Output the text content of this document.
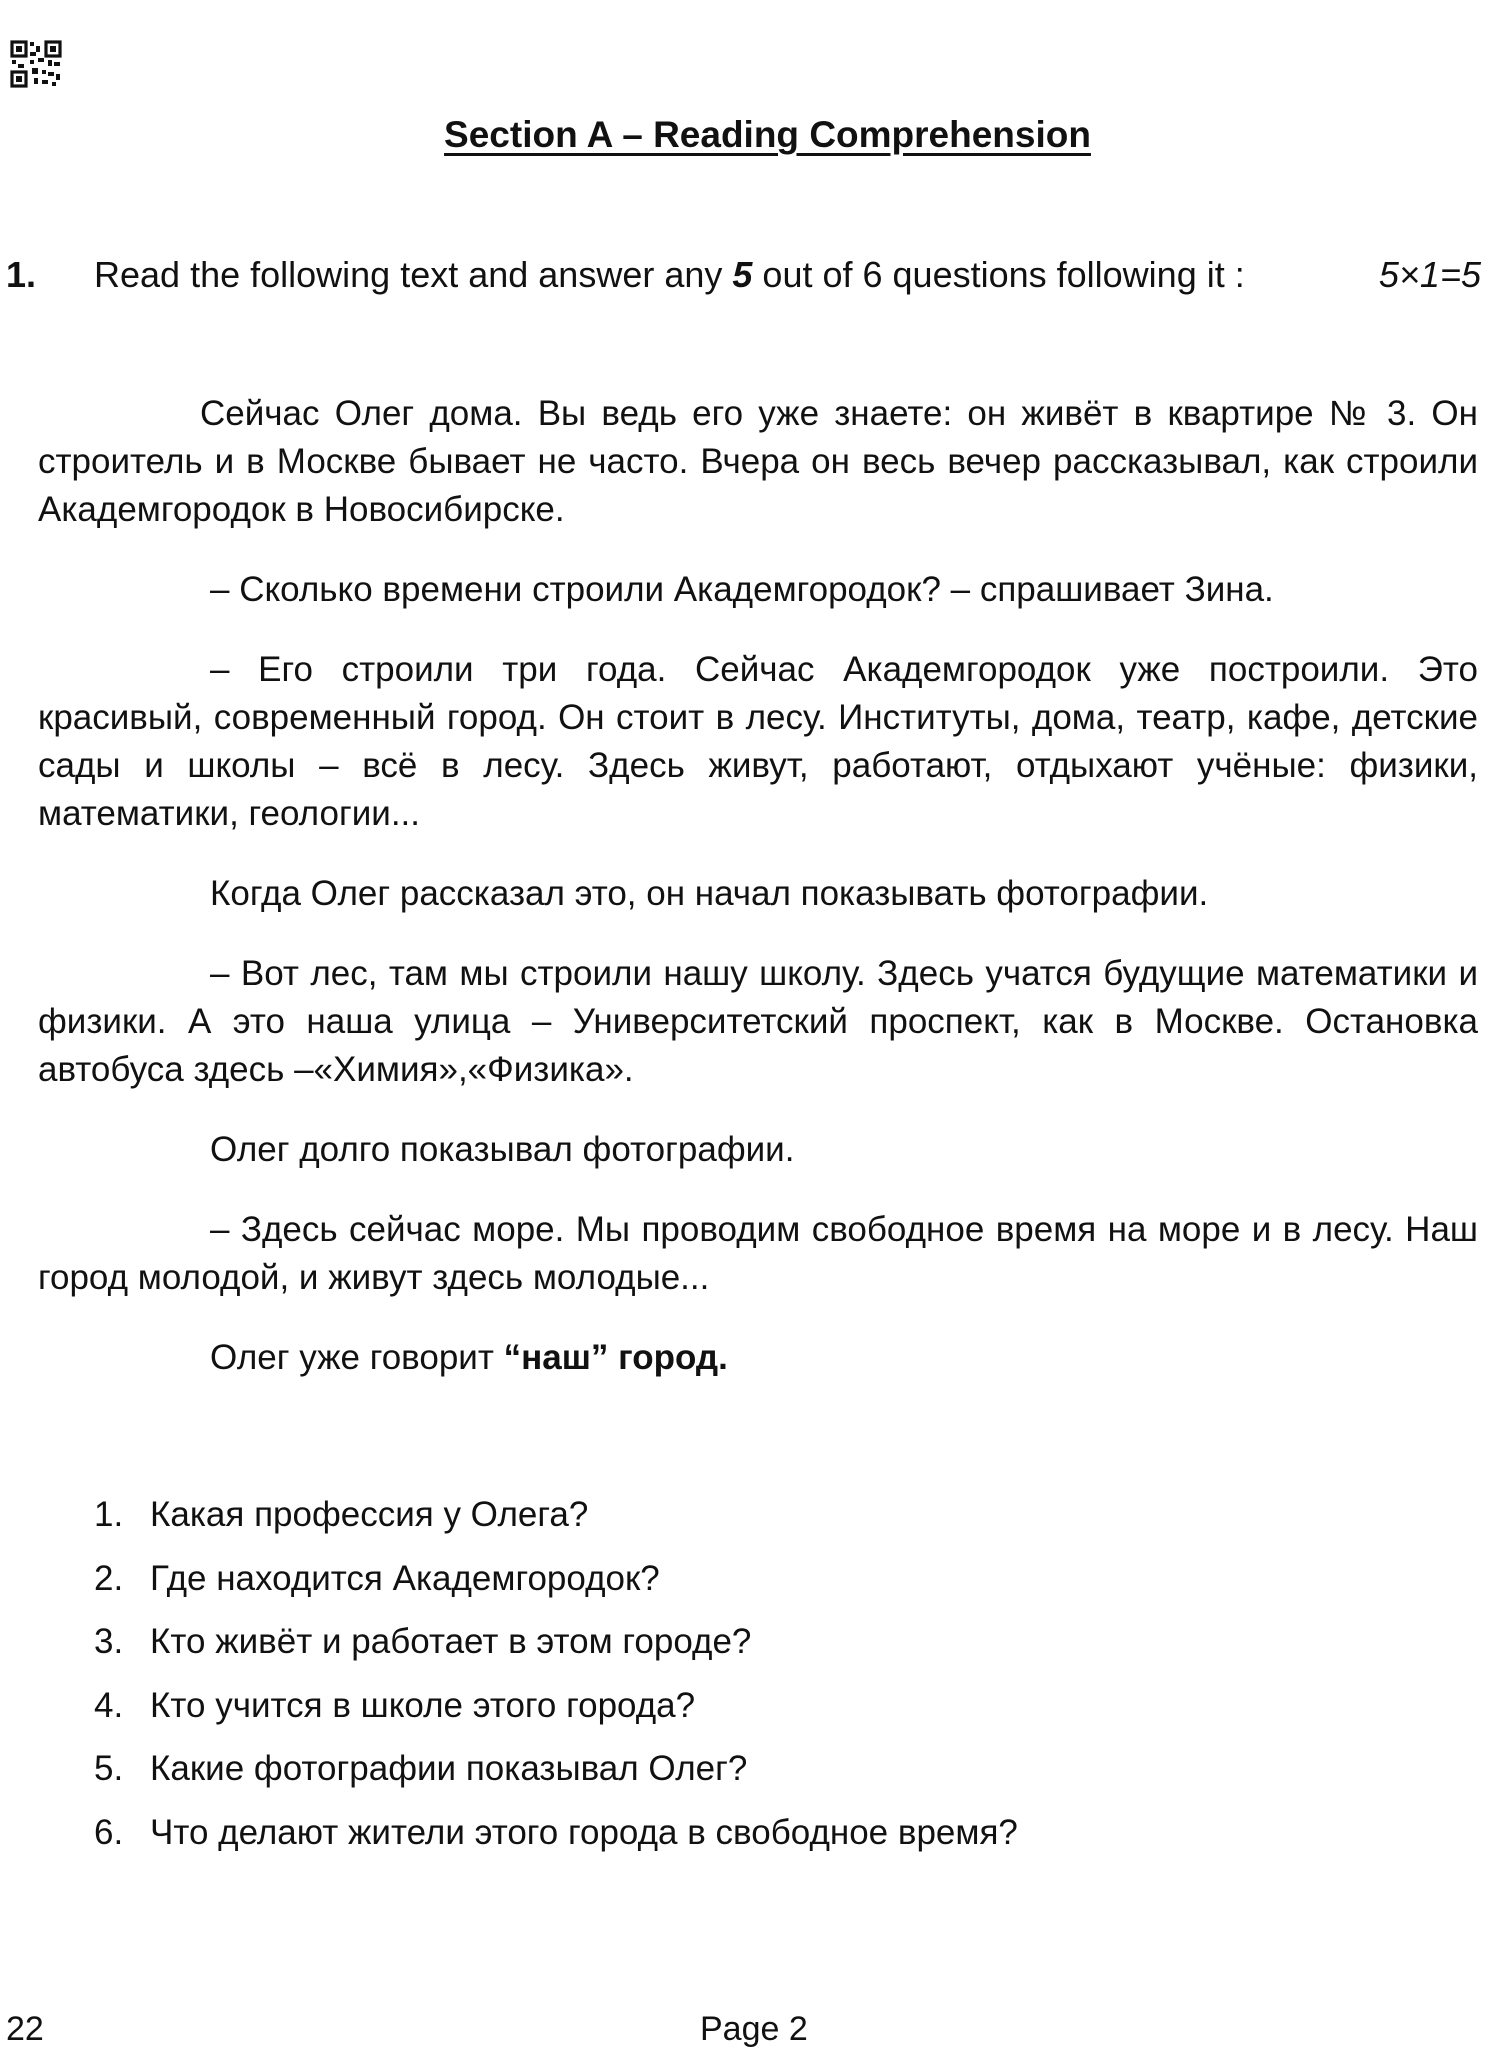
Section A – Reading Comprehension
1. Read the following text and answer any 5 out of 6 questions following it :	5×1=5

Сейчас Олег дома. Вы ведь его уже знаете: он живёт в квартире № 3. Он строитель и в Москве бывает не часто. Вчера он весь вечер рассказывал, как строили Академгородок в Новосибирске.

– Сколько времени строили Академгородок? – спрашивает Зина.

– Его строили три года. Сейчас Академгородок уже построили. Это красивый, современный город. Он стоит в лесу. Институты, дома, театр, кафе, детские сады и школы – всё в лесу. Здесь живут, работают, отдыхают учёные: физики, математики, геологии...

Когда Олег рассказал это, он начал показывать фотографии.

– Вот лес, там мы строили нашу школу. Здесь учатся будущие математики и физики. А это наша улица – Университетский проспект, как в Москве. Остановка автобуса здесь –«Химия»,«Физика».

Олег долго показывал фотографии.

– Здесь сейчас море. Мы проводим свободное время на море и в лесу. Наш город молодой, и живут здесь молодые...

Олег уже говорит “наш” город.

1. Какая профессия у Олега?
2. Где находится Академгородок?
3. Кто живёт и работает в этом городе?
4. Кто учится в школе этого города?
5. Какие фотографии показывал Олег?
6. Что делают жители этого города в свободное время?
22	Page 2
